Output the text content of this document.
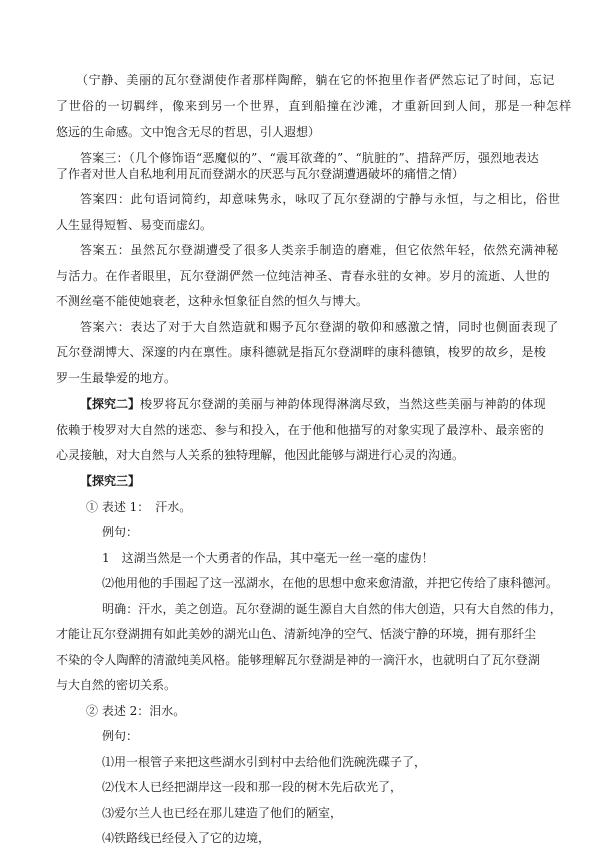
（宁静、美丽的瓦尔登湖使作者那样陶醉，躺在它的怀抱里作者俨然忘记了时间，忘记
了世俗的一切羁绊，像来到另一个世界，直到船撞在沙滩，才重新回到人间，那是一种怎样
悠远的生命感。文中饱含无尽的哲思，引人遐想）
答案三：（几个修饰语“恶魔似的”、“震耳欲聋的”、“肮脏的”、措辞严厉，强烈地表达
了作者对世人自私地利用瓦而登湖水的厌恶与瓦尔登湖遭遇破坏的痛惜之情）
答案四：此句语词简约，却意味隽永，咏叹了瓦尔登湖的宁静与永恒，与之相比，俗世
人生显得短暂、易变而虚幻。
答案五：虽然瓦尔登湖遭受了很多人类亲手制造的磨难，但它依然年轻，依然充满神秘
与活力。在作者眼里，瓦尔登湖俨然一位纯洁神圣、青春永驻的女神。岁月的流逝、人世的
不测丝毫不能使她衰老，这种永恒象征自然的恒久与博大。
答案六：表达了对于大自然造就和赐予瓦尔登湖的敬仰和感激之情，同时也侧面表现了
瓦尔登湖博大、深邃的内在禀性。康科德就是指瓦尔登湖畔的康科德镇，梭罗的故乡，是梭
罗一生最挚爱的地方。
【探究二】梭罗将瓦尔登湖的美丽与神韵体现得淋漓尽致，当然这些美丽与神韵的体现
依赖于梭罗对大自然的迷恋、参与和投入，在于他和他描写的对象实现了最淳朴、最亲密的
心灵接触，对大自然与人关系的独特理解，他因此能够与湖进行心灵的沟通。
【探究三】
① 表述 1：　汗水。
例句：
1　这湖当然是一个大勇者的作品，其中毫无一丝一毫的虚伪！
⑵他用他的手围起了这一泓湖水，在他的思想中愈来愈清澈，并把它传给了康科德河。
明确：汗水，美之创造。瓦尔登湖的诞生源自大自然的伟大创造，只有大自然的伟力，
才能让瓦尔登湖拥有如此美妙的湖光山色、清新纯净的空气、恬淡宁静的环境，拥有那纤尘
不染的令人陶醉的清澈纯美风格。能够理解瓦尔登湖是神的一滴汗水，也就明白了瓦尔登湖
与大自然的密切关系。
② 表述 2：泪水。
例句：
⑴用一根管子来把这些湖水引到村中去给他们洗碗洗碟子了，
⑵伐木人已经把湖岸这一段和那一段的树木先后砍光了，
⑶爱尔兰人也已经在那儿建造了他们的陋室，
⑷铁路线已经侵入了它的边境，
